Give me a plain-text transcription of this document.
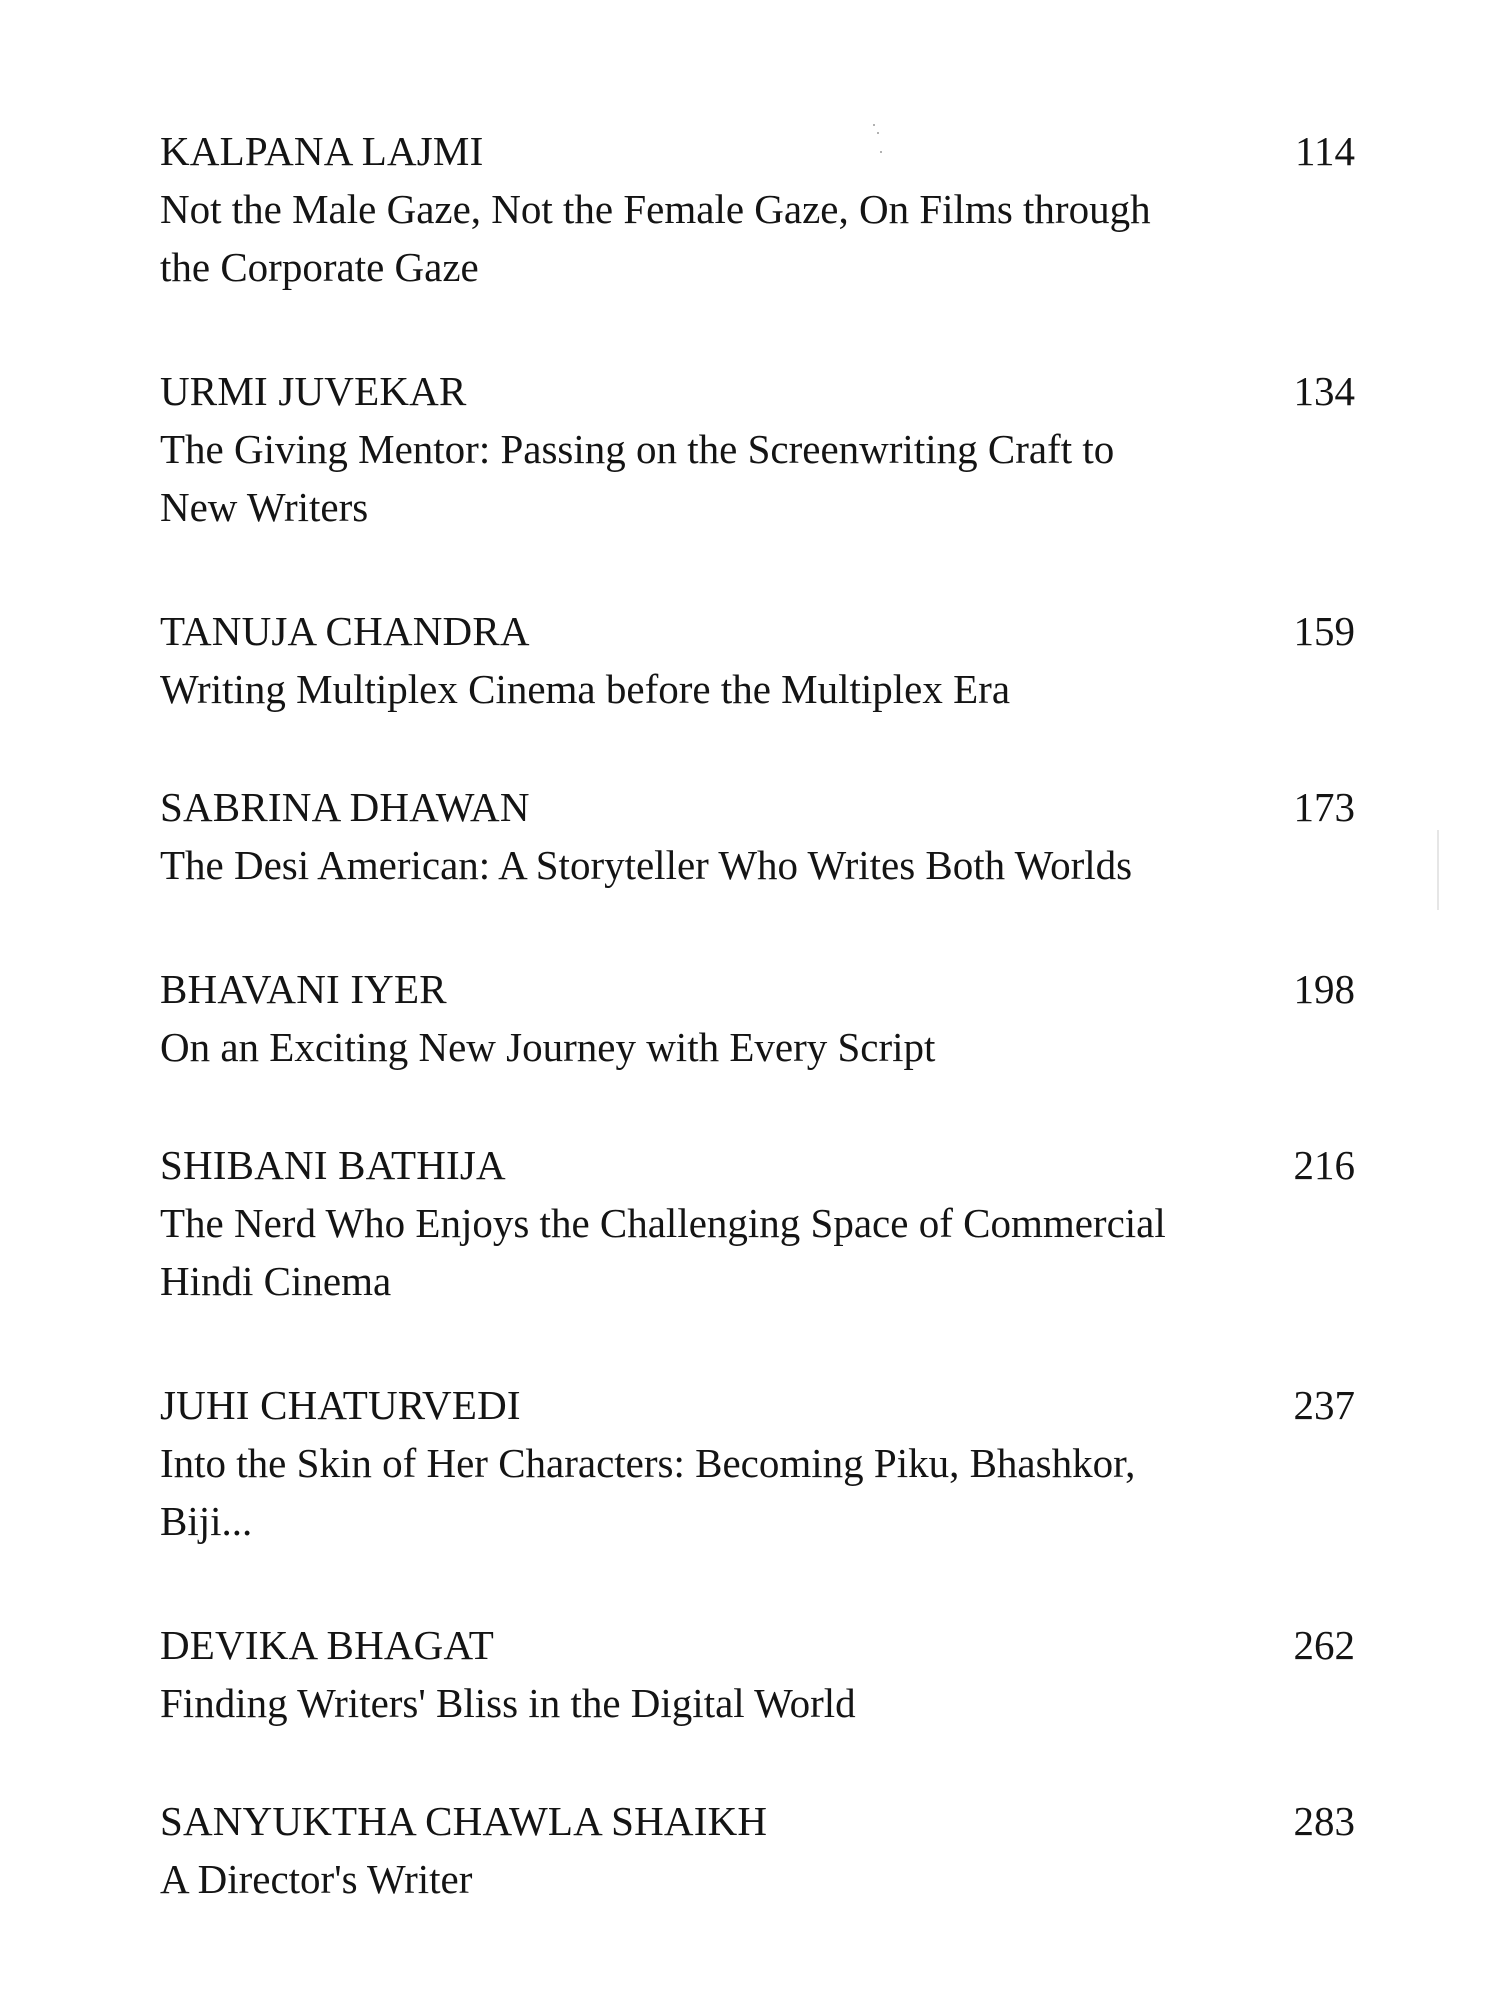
KALPANA LAJMI	114
Not the Male Gaze, Not the Female Gaze, On Films through the Corporate Gaze
URMI JUVEKAR	134
The Giving Mentor: Passing on the Screenwriting Craft to New Writers
TANUJA CHANDRA	159
Writing Multiplex Cinema before the Multiplex Era
SABRINA DHAWAN	173
The Desi American: A Storyteller Who Writes Both Worlds
BHAVANI IYER	198
On an Exciting New Journey with Every Script
SHIBANI BATHIJA	216
The Nerd Who Enjoys the Challenging Space of Commercial Hindi Cinema
JUHI CHATURVEDI	237
Into the Skin of Her Characters: Becoming Piku, Bhashkor, Biji...
DEVIKA BHAGAT	262
Finding Writers' Bliss in the Digital World
SANYUKTHA CHAWLA SHAIKH	283
A Director's Writer
